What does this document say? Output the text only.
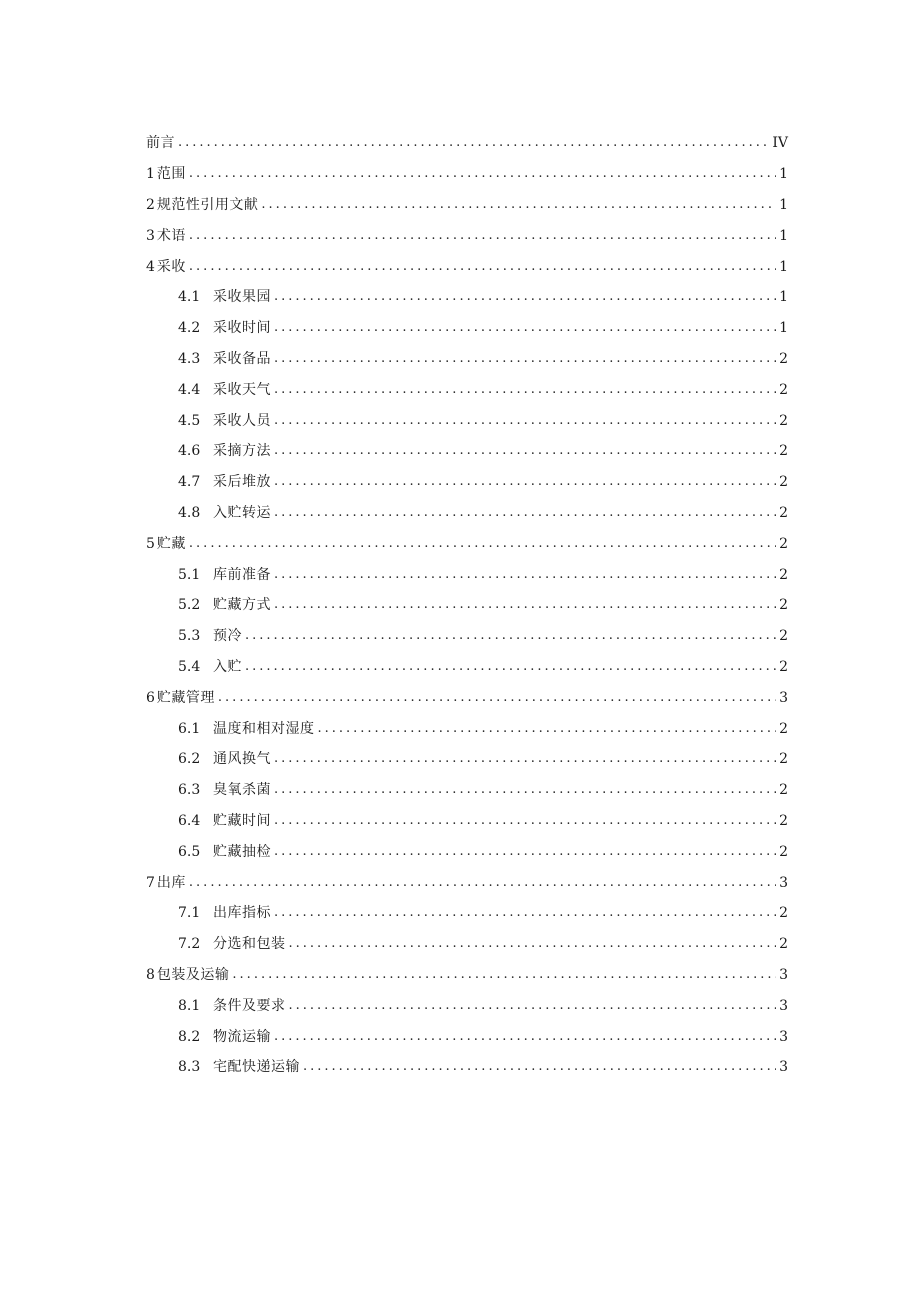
前言 .....	IV
1 范围 .....	1
2 规范性引用文献 .....	1
3 术语 .....	1
4 采收 .....	1
4.1 采收果园 .....	1
4.2 采收时间 .....	1
4.3 采收备品 .....	2
4.4 采收天气 .....	2
4.5 采收人员 .....	2
4.6 采摘方法 .....	2
4.7 采后堆放 .....	2
4.8 入贮转运 .....	2
5 贮藏 .....	2
5.1 库前准备 .....	2
5.2 贮藏方式 .....	2
5.3 预冷 .....	2
5.4 入贮 .....	2
6 贮藏管理 .....	3
6.1 温度和相对湿度 .....	2
6.2 通风换气 .....	2
6.3 臭氧杀菌 .....	2
6.4 贮藏时间 .....	2
6.5 贮藏抽检 .....	2
7 出库 .....	3
7.1 出库指标 .....	2
7.2 分选和包装 .....	2
8 包装及运输 .....	3
8.1 条件及要求 .....	3
8.2 物流运输 .....	3
8.3 宅配快递运输 .....	3
